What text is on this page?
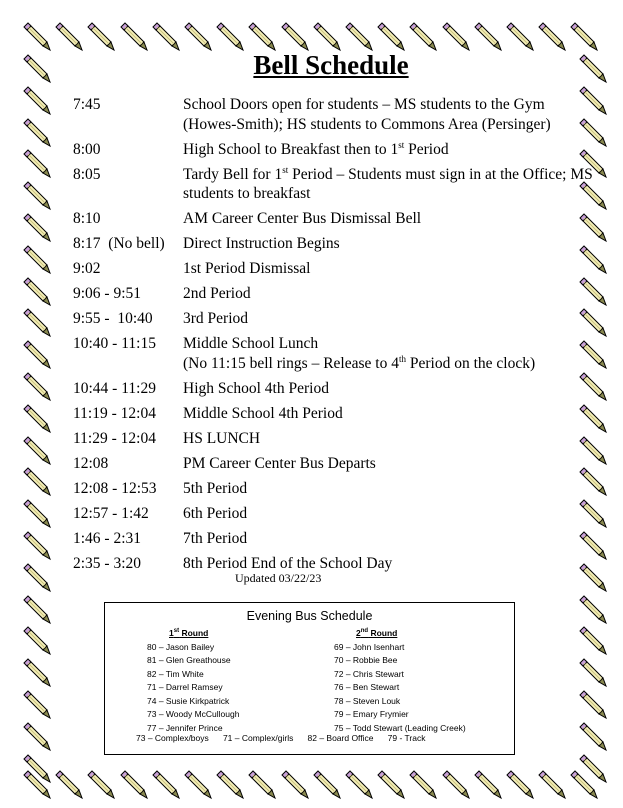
Bell Schedule
7:45	School Doors open for students – MS students to the Gym (Howes-Smith); HS students to Commons Area (Persinger)
8:00	High School to Breakfast then to 1st Period
8:05	Tardy Bell for 1st Period – Students must sign in at the Office; MS students to breakfast
8:10	AM Career Center Bus Dismissal Bell
8:17  (No bell)	Direct Instruction Begins
9:02	1st Period Dismissal
9:06 - 9:51	2nd Period
9:55 -  10:40	3rd Period
10:40 - 11:15	Middle School Lunch
(No 11:15 bell rings – Release to 4th Period on the clock)
10:44 - 11:29	High School 4th Period
11:19 - 12:04	Middle School 4th Period
11:29 - 12:04	HS LUNCH
12:08	PM Career Center Bus Departs
12:08 - 12:53	5th Period
12:57 - 1:42	6th Period
1:46 - 2:31	7th Period
2:35 - 3:20	8th Period End of the School Day
Updated 03/22/23
Evening Bus Schedule
1st Round
80 – Jason Bailey
81 – Glen Greathouse
82 – Tim White
71 – Darrel Ramsey
74 – Susie Kirkpatrick
73 – Woody McCullough
77 – Jennifer Prince
2nd Round
69 – John Isenhart
70 – Robbie Bee
72 – Chris Stewart
76 – Ben Stewart
78 – Steven Louk
79 – Emary Frymier
75 – Todd Stewart (Leading Creek)
73 – Complex/boys 71 – Complex/girls 82 – Board Office 79 - Track
